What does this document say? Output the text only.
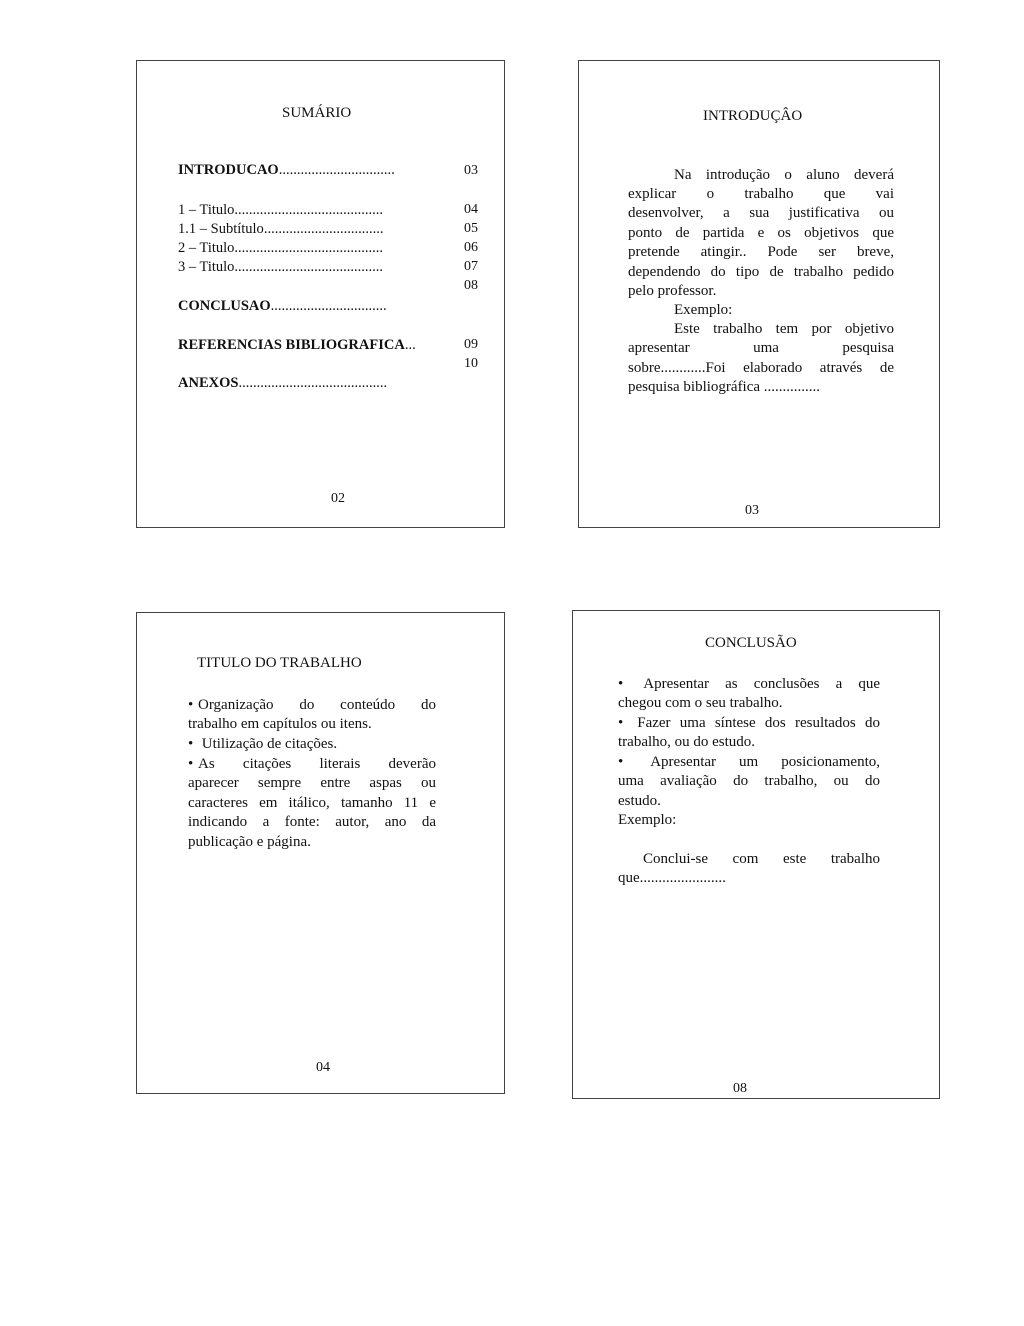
SUMÁRIO
INTRODUCAO................................
1 – Titulo.........................................
1.1 – Subtítulo.................................
2 – Titulo.........................................
3 – Titulo.........................................
CONCLUSAO................................
REFERENCIAS BIBLIOGRAFICA...
ANEXOS.........................................
03
04
05
06
07
08
09
10
02
INTRODUÇÂO
Na introdução o aluno deverá
explicar o trabalho que vai
desenvolver, a sua justificativa ou
ponto de partida e os objetivos que
pretende atingir.. Pode ser breve,
dependendo do tipo de trabalho pedido
pelo professor.
Exemplo:
Este trabalho tem por objetivo
apresentar uma pesquisa
sobre............Foi elaborado através de
pesquisa bibliográfica ...............
03
TITULO DO TRABALHO
• Organização do conteúdo do
trabalho em capítulos ou itens.
• Utilização de citações.
• As citações literais deverão
aparecer sempre entre aspas ou
caracteres em itálico, tamanho 11 e
indicando a fonte: autor, ano da
publicação e página.
04
CONCLUSÃO
• Apresentar as conclusões a que
chegou com o seu trabalho.
• Fazer uma síntese dos resultados do
trabalho, ou do estudo.
• Apresentar um posicionamento,
uma avaliação do trabalho, ou do
estudo.
Exemplo:
Conclui-se com este trabalho
que.......................
08
